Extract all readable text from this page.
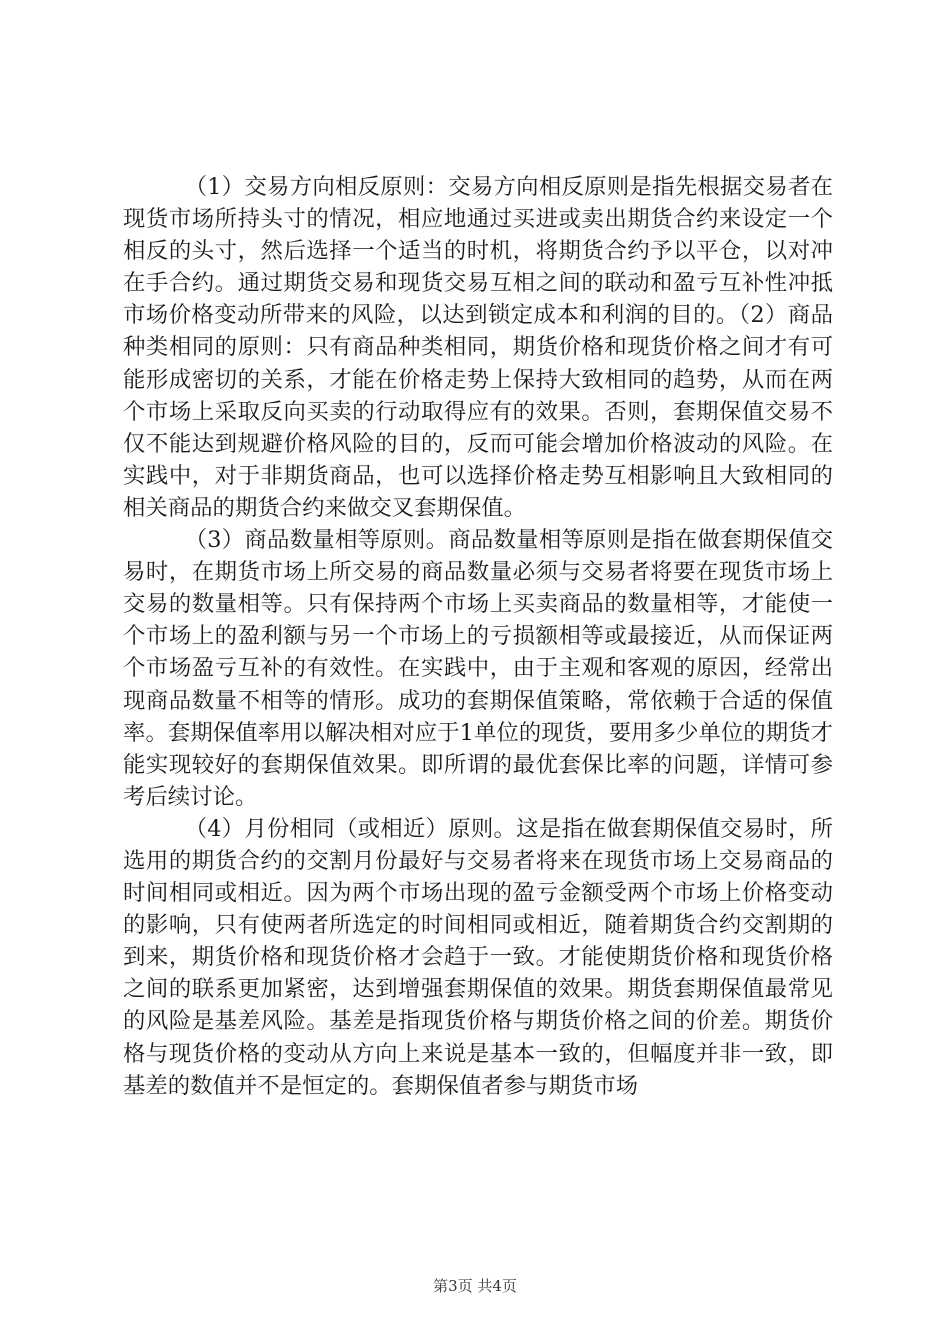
（1）交易方向相反原则：交易方向相反原则是指先根据交易者在现货市场所持头寸的情况，相应地通过买进或卖出期货合约来设定一个相反的头寸，然后选择一个适当的时机，将期货合约予以平仓，以对冲在手合约。通过期货交易和现货交易互相之间的联动和盈亏互补性冲抵市场价格变动所带来的风险，以达到锁定成本和利润的目的。（2）商品种类相同的原则：只有商品种类相同，期货价格和现货价格之间才有可能形成密切的关系，才能在价格走势上保持大致相同的趋势，从而在两个市场上采取反向买卖的行动取得应有的效果。否则，套期保值交易不仅不能达到规避价格风险的目的，反而可能会增加价格波动的风险。在实践中，对于非期货商品，也可以选择价格走势互相影响且大致相同的相关商品的期货合约来做交叉套期保值。

（3）商品数量相等原则。商品数量相等原则是指在做套期保值交易时，在期货市场上所交易的商品数量必须与交易者将要在现货市场上交易的数量相等。只有保持两个市场上买卖商品的数量相等，才能使一个市场上的盈利额与另一个市场上的亏损额相等或最接近，从而保证两个市场盈亏互补的有效性。在实践中，由于主观和客观的原因，经常出现商品数量不相等的情形。成功的套期保值策略，常依赖于合适的保值率。套期保值率用以解决相对应于1单位的现货，要用多少单位的期货才能实现较好的套期保值效果。即所谓的最优套保比率的问题，详情可参考后续讨论。

（4）月份相同（或相近）原则。这是指在做套期保值交易时，所选用的期货合约的交割月份最好与交易者将来在现货市场上交易商品的时间相同或相近。因为两个市场出现的盈亏金额受两个市场上价格变动的影响，只有使两者所选定的时间相同或相近，随着期货合约交割期的到来，期货价格和现货价格才会趋于一致。才能使期货价格和现货价格之间的联系更加紧密，达到增强套期保值的效果。期货套期保值最常见的风险是基差风险。基差是指现货价格与期货价格之间的价差。期货价格与现货价格的变动从方向上来说是基本一致的，但幅度并非一致，即基差的数值并不是恒定的。套期保值者参与期货市场

第3页 共4页
